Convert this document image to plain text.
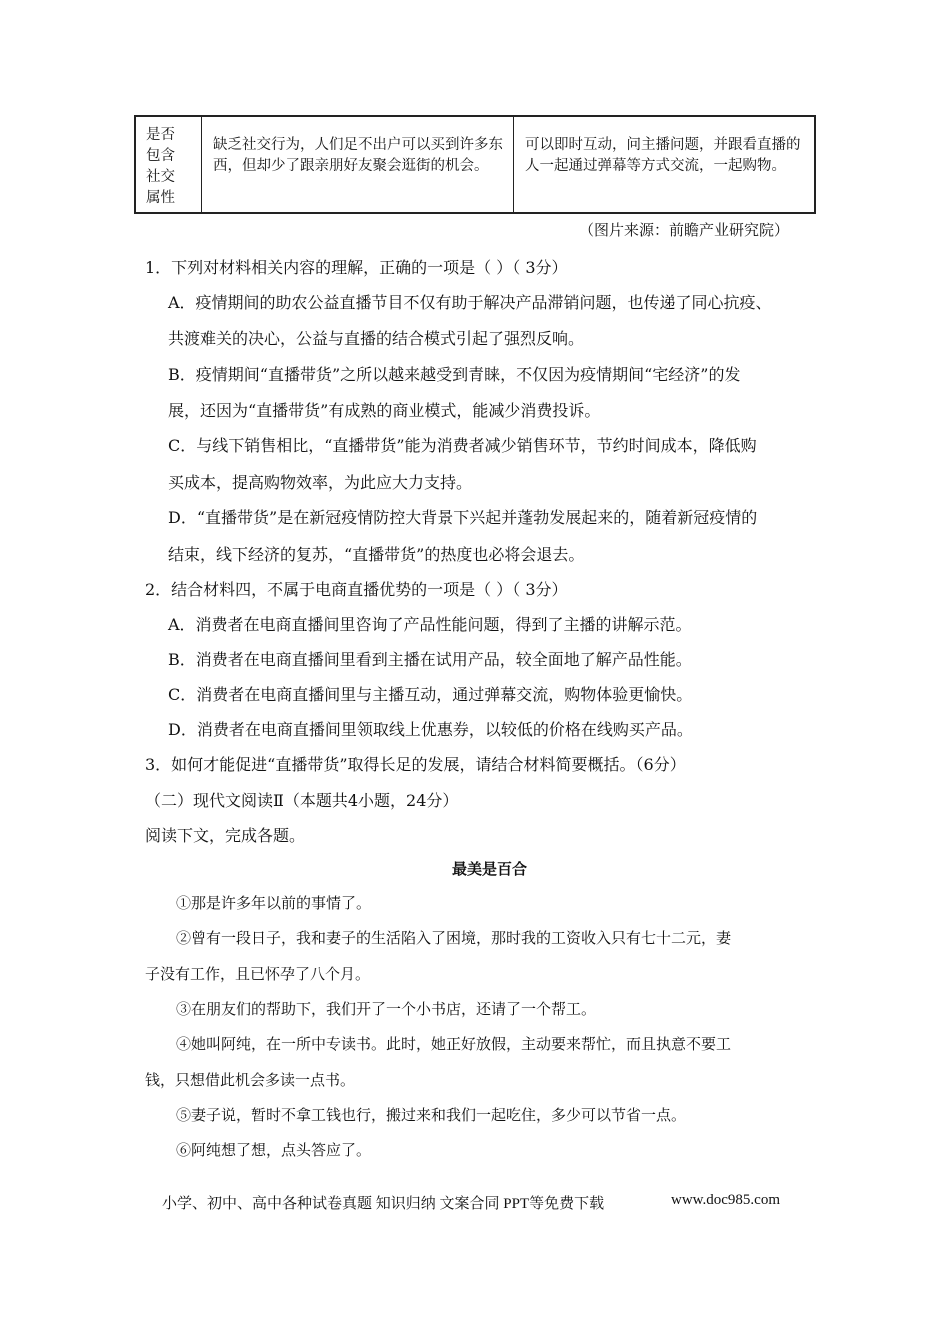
是否
包含
社交
属性
缺乏社交行为，人们足不出户可以买到许多东西，但却少了跟亲朋好友聚会逛街的机会。
可以即时互动，问主播问题，并跟看直播的人一起通过弹幕等方式交流，一起购物。
（图片来源：前瞻产业研究院）
1．下列对材料相关内容的理解，正确的一项是（ ）（ 3分）
A．疫情期间的助农公益直播节目不仅有助于解决产品滞销问题，也传递了同心抗疫、
共渡难关的决心，公益与直播的结合模式引起了强烈反响。
B．疫情期间“直播带货”之所以越来越受到青睐，不仅因为疫情期间“宅经济”的发
展，还因为“直播带货”有成熟的商业模式，能减少消费投诉。
C．与线下销售相比，“直播带货”能为消费者减少销售环节，节约时间成本，降低购
买成本，提高购物效率，为此应大力支持。
D．“直播带货”是在新冠疫情防控大背景下兴起并蓬勃发展起来的，随着新冠疫情的
结束，线下经济的复苏，“直播带货”的热度也必将会退去。
2．结合材料四，不属于电商直播优势的一项是（ ）（ 3分）
A．消费者在电商直播间里咨询了产品性能问题，得到了主播的讲解示范。
B．消费者在电商直播间里看到主播在试用产品，较全面地了解产品性能。
C．消费者在电商直播间里与主播互动，通过弹幕交流，购物体验更愉快。
D．消费者在电商直播间里领取线上优惠券，以较低的价格在线购买产品。
3．如何才能促进“直播带货”取得长足的发展，请结合材料简要概括。（6分）
（二）现代文阅读Ⅱ（本题共4小题，24分）
阅读下文，完成各题。
最美是百合
①那是许多年以前的事情了。
②曾有一段日子，我和妻子的生活陷入了困境，那时我的工资收入只有七十二元，妻
子没有工作，且已怀孕了八个月。
③在朋友们的帮助下，我们开了一个小书店，还请了一个帮工。
④她叫阿纯，在一所中专读书。此时，她正好放假，主动要来帮忙，而且执意不要工
钱，只想借此机会多读一点书。
⑤妻子说，暂时不拿工钱也行，搬过来和我们一起吃住，多少可以节省一点。
⑥阿纯想了想，点头答应了。
小学、初中、高中各种试卷真题 知识归纳 文案合同 PPT等免费下载	www.doc985.com
